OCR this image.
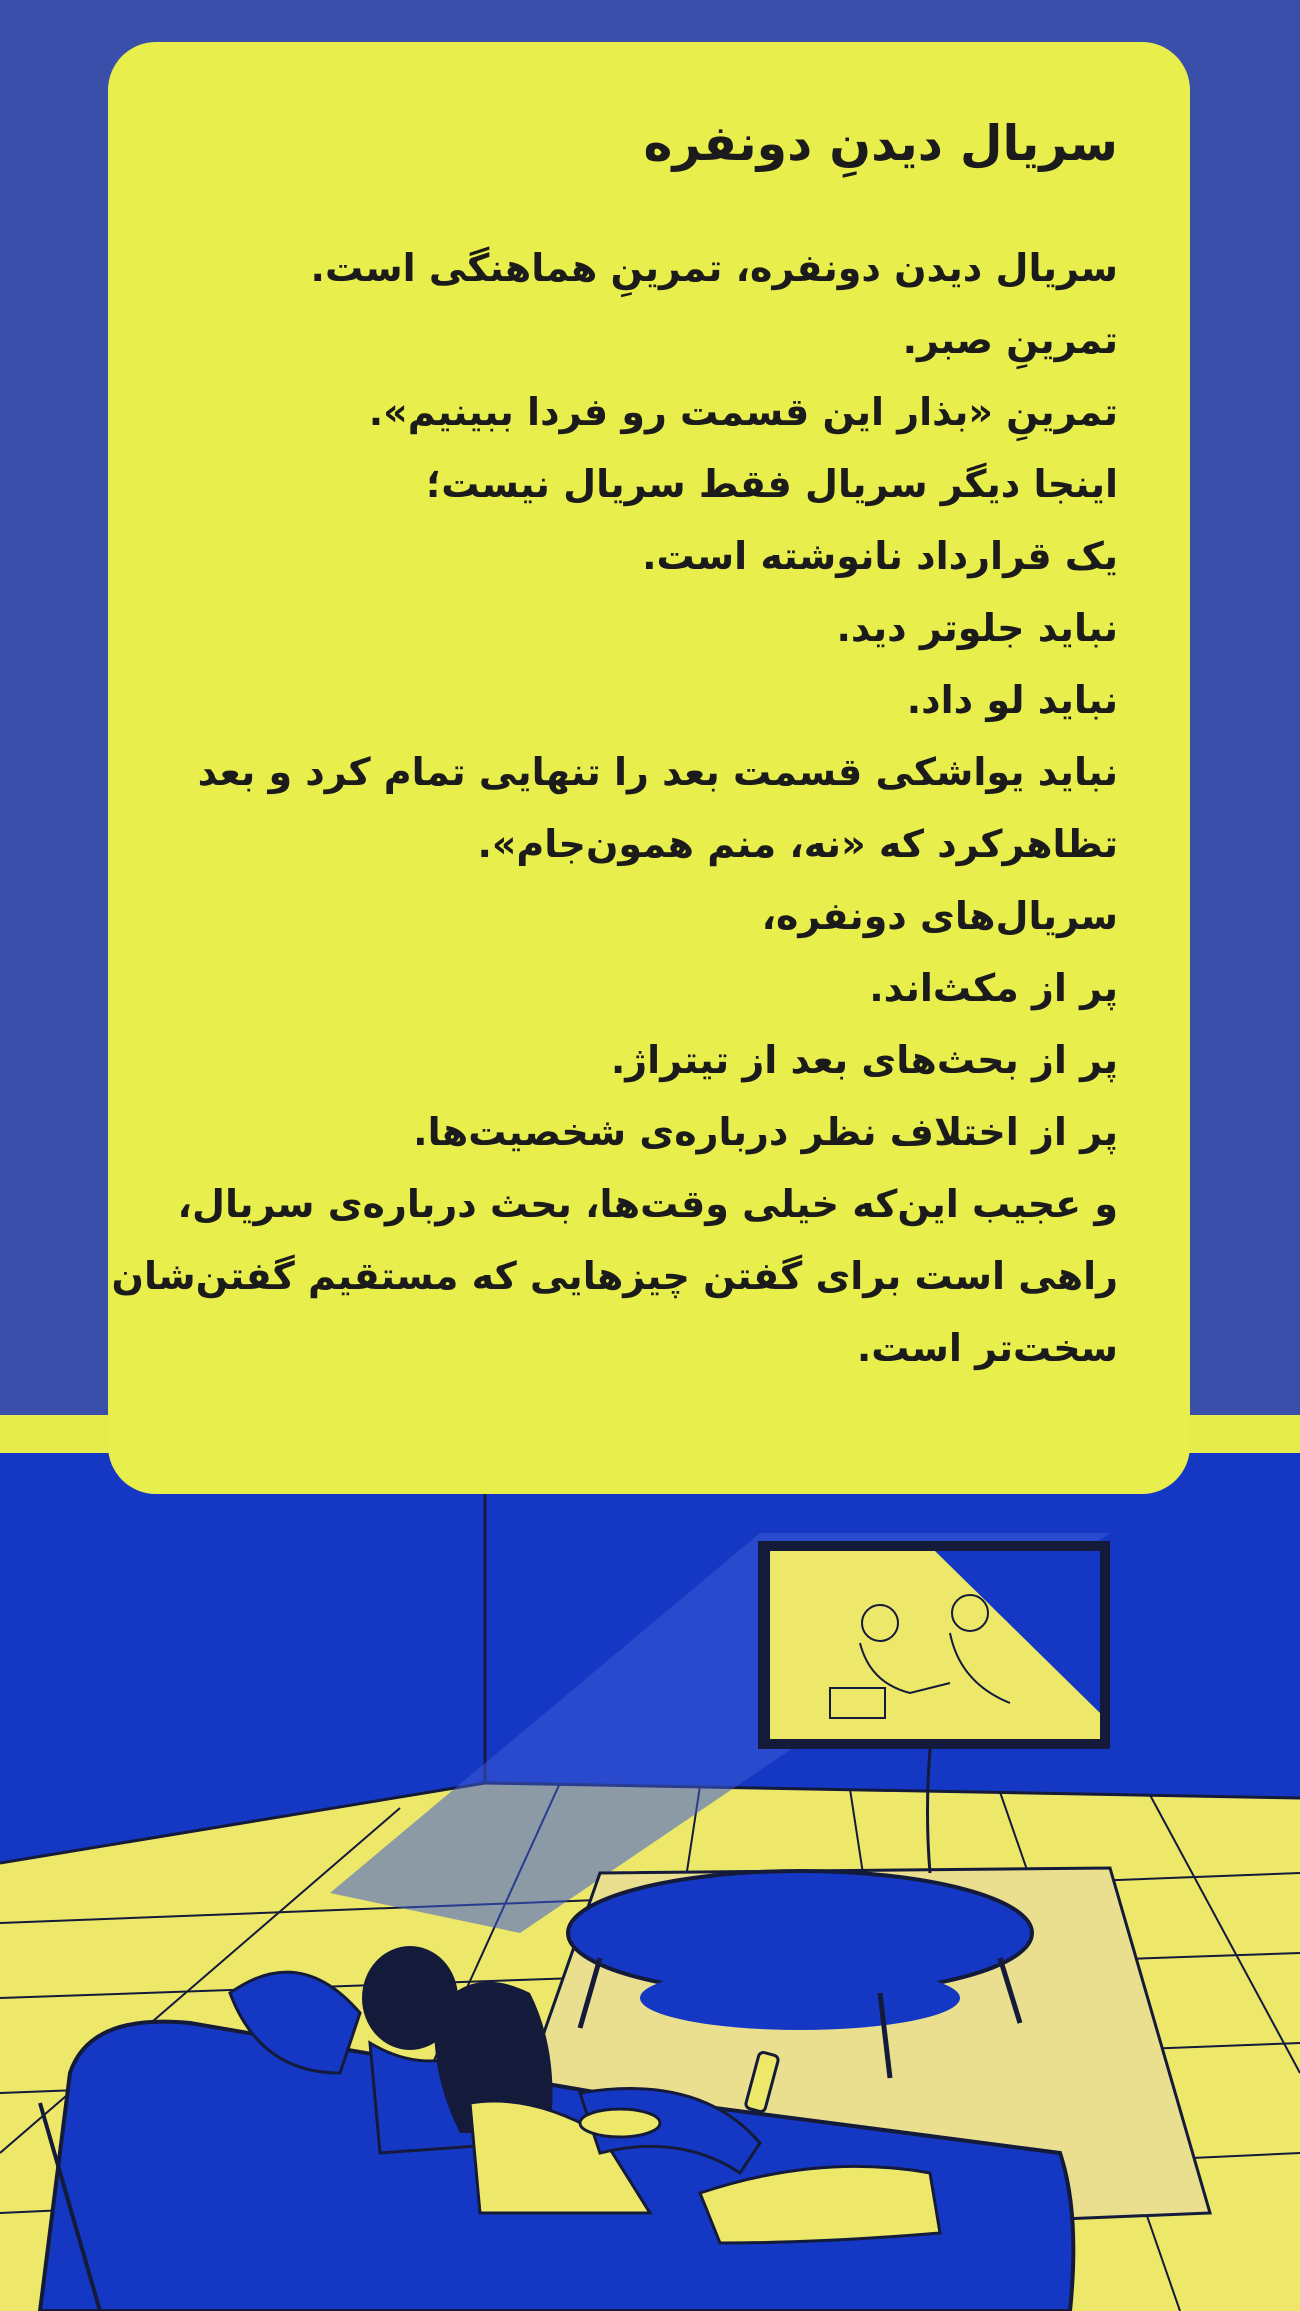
سریال دیدنِ دونفره
سریال دیدن دونفره، تمرینِ هماهنگی است.
تمرینِ صبر.
تمرینِ «بذار این قسمت رو فردا ببینیم».
اینجا دیگر سریال فقط سریال نیست؛
یک قرارداد نانوشته است.
نباید جلوتر دید.
نباید لو داد.
نباید یواشکی قسمت بعد را تنهایی تمام کرد و بعد
تظاهرکرد که «نه، منم همون‌جام».
سریال‌های دونفره،
پر از مکث‌اند.
پر از بحث‌های بعد از تیتراژ.
پر از اختلاف نظر درباره‌ی شخصیت‌ها.
و عجیب این‌که خیلی وقت‌ها، بحث درباره‌ی سریال،
راهی است برای گفتن چیزهایی که مستقیم گفتن‌شان
سخت‌تر است.
